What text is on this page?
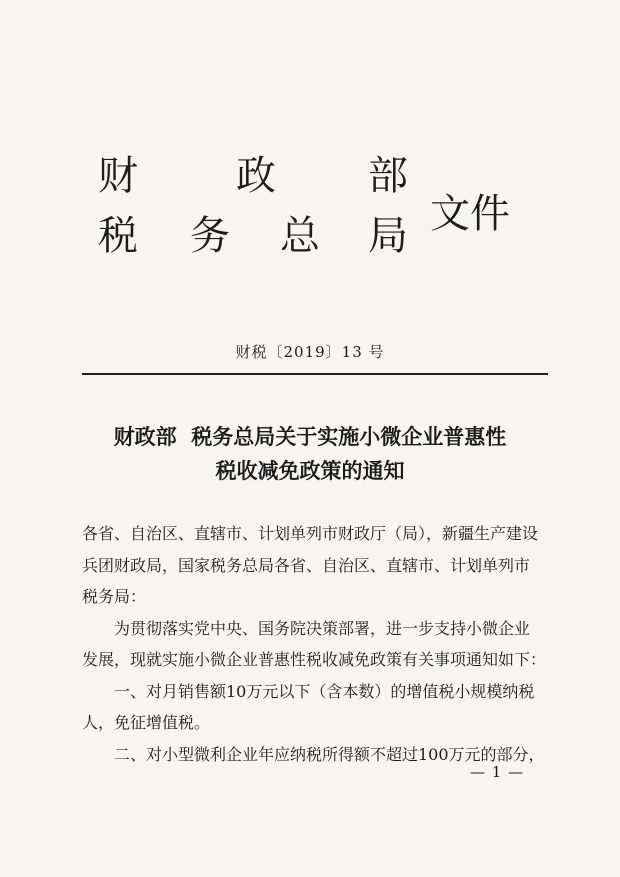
财 政 部
税 务 总 局 文件
财税〔2019〕13 号
财政部  税务总局关于实施小微企业普惠性
税收减免政策的通知

各省、自治区、直辖市、计划单列市财政厅（局），新疆生产建设

兵团财政局，国家税务总局各省、自治区、直辖市、计划单列市

税务局：

为贯彻落实党中央、国务院决策部署，进一步支持小微企业

发展，现就实施小微企业普惠性税收减免政策有关事项通知如下：

一、对月销售额10万元以下（含本数）的增值税小规模纳税

人，免征增值税。

二、对小型微利企业年应纳税所得额不超过100万元的部分，

— 1 —
